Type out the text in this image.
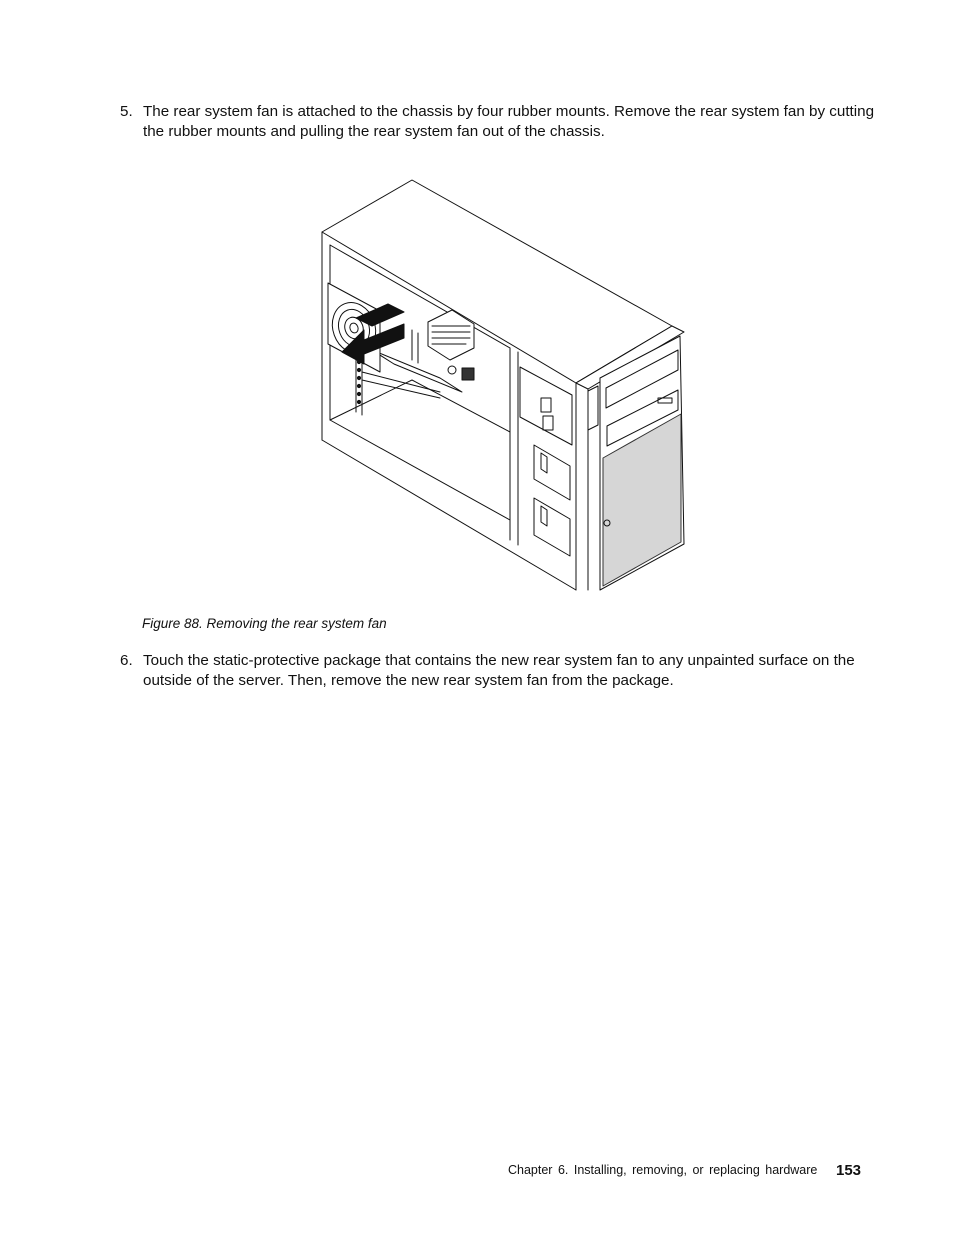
5. The rear system fan is attached to the chassis by four rubber mounts. Remove the rear system fan by cutting the rubber mounts and pulling the rear system fan out of the chassis.
Figure 88. Removing the rear system fan
6. Touch the static-protective package that contains the new rear system fan to any unpainted surface on the outside of the server. Then, remove the new rear system fan from the package.
Chapter 6. Installing, removing, or replacing hardware 153
